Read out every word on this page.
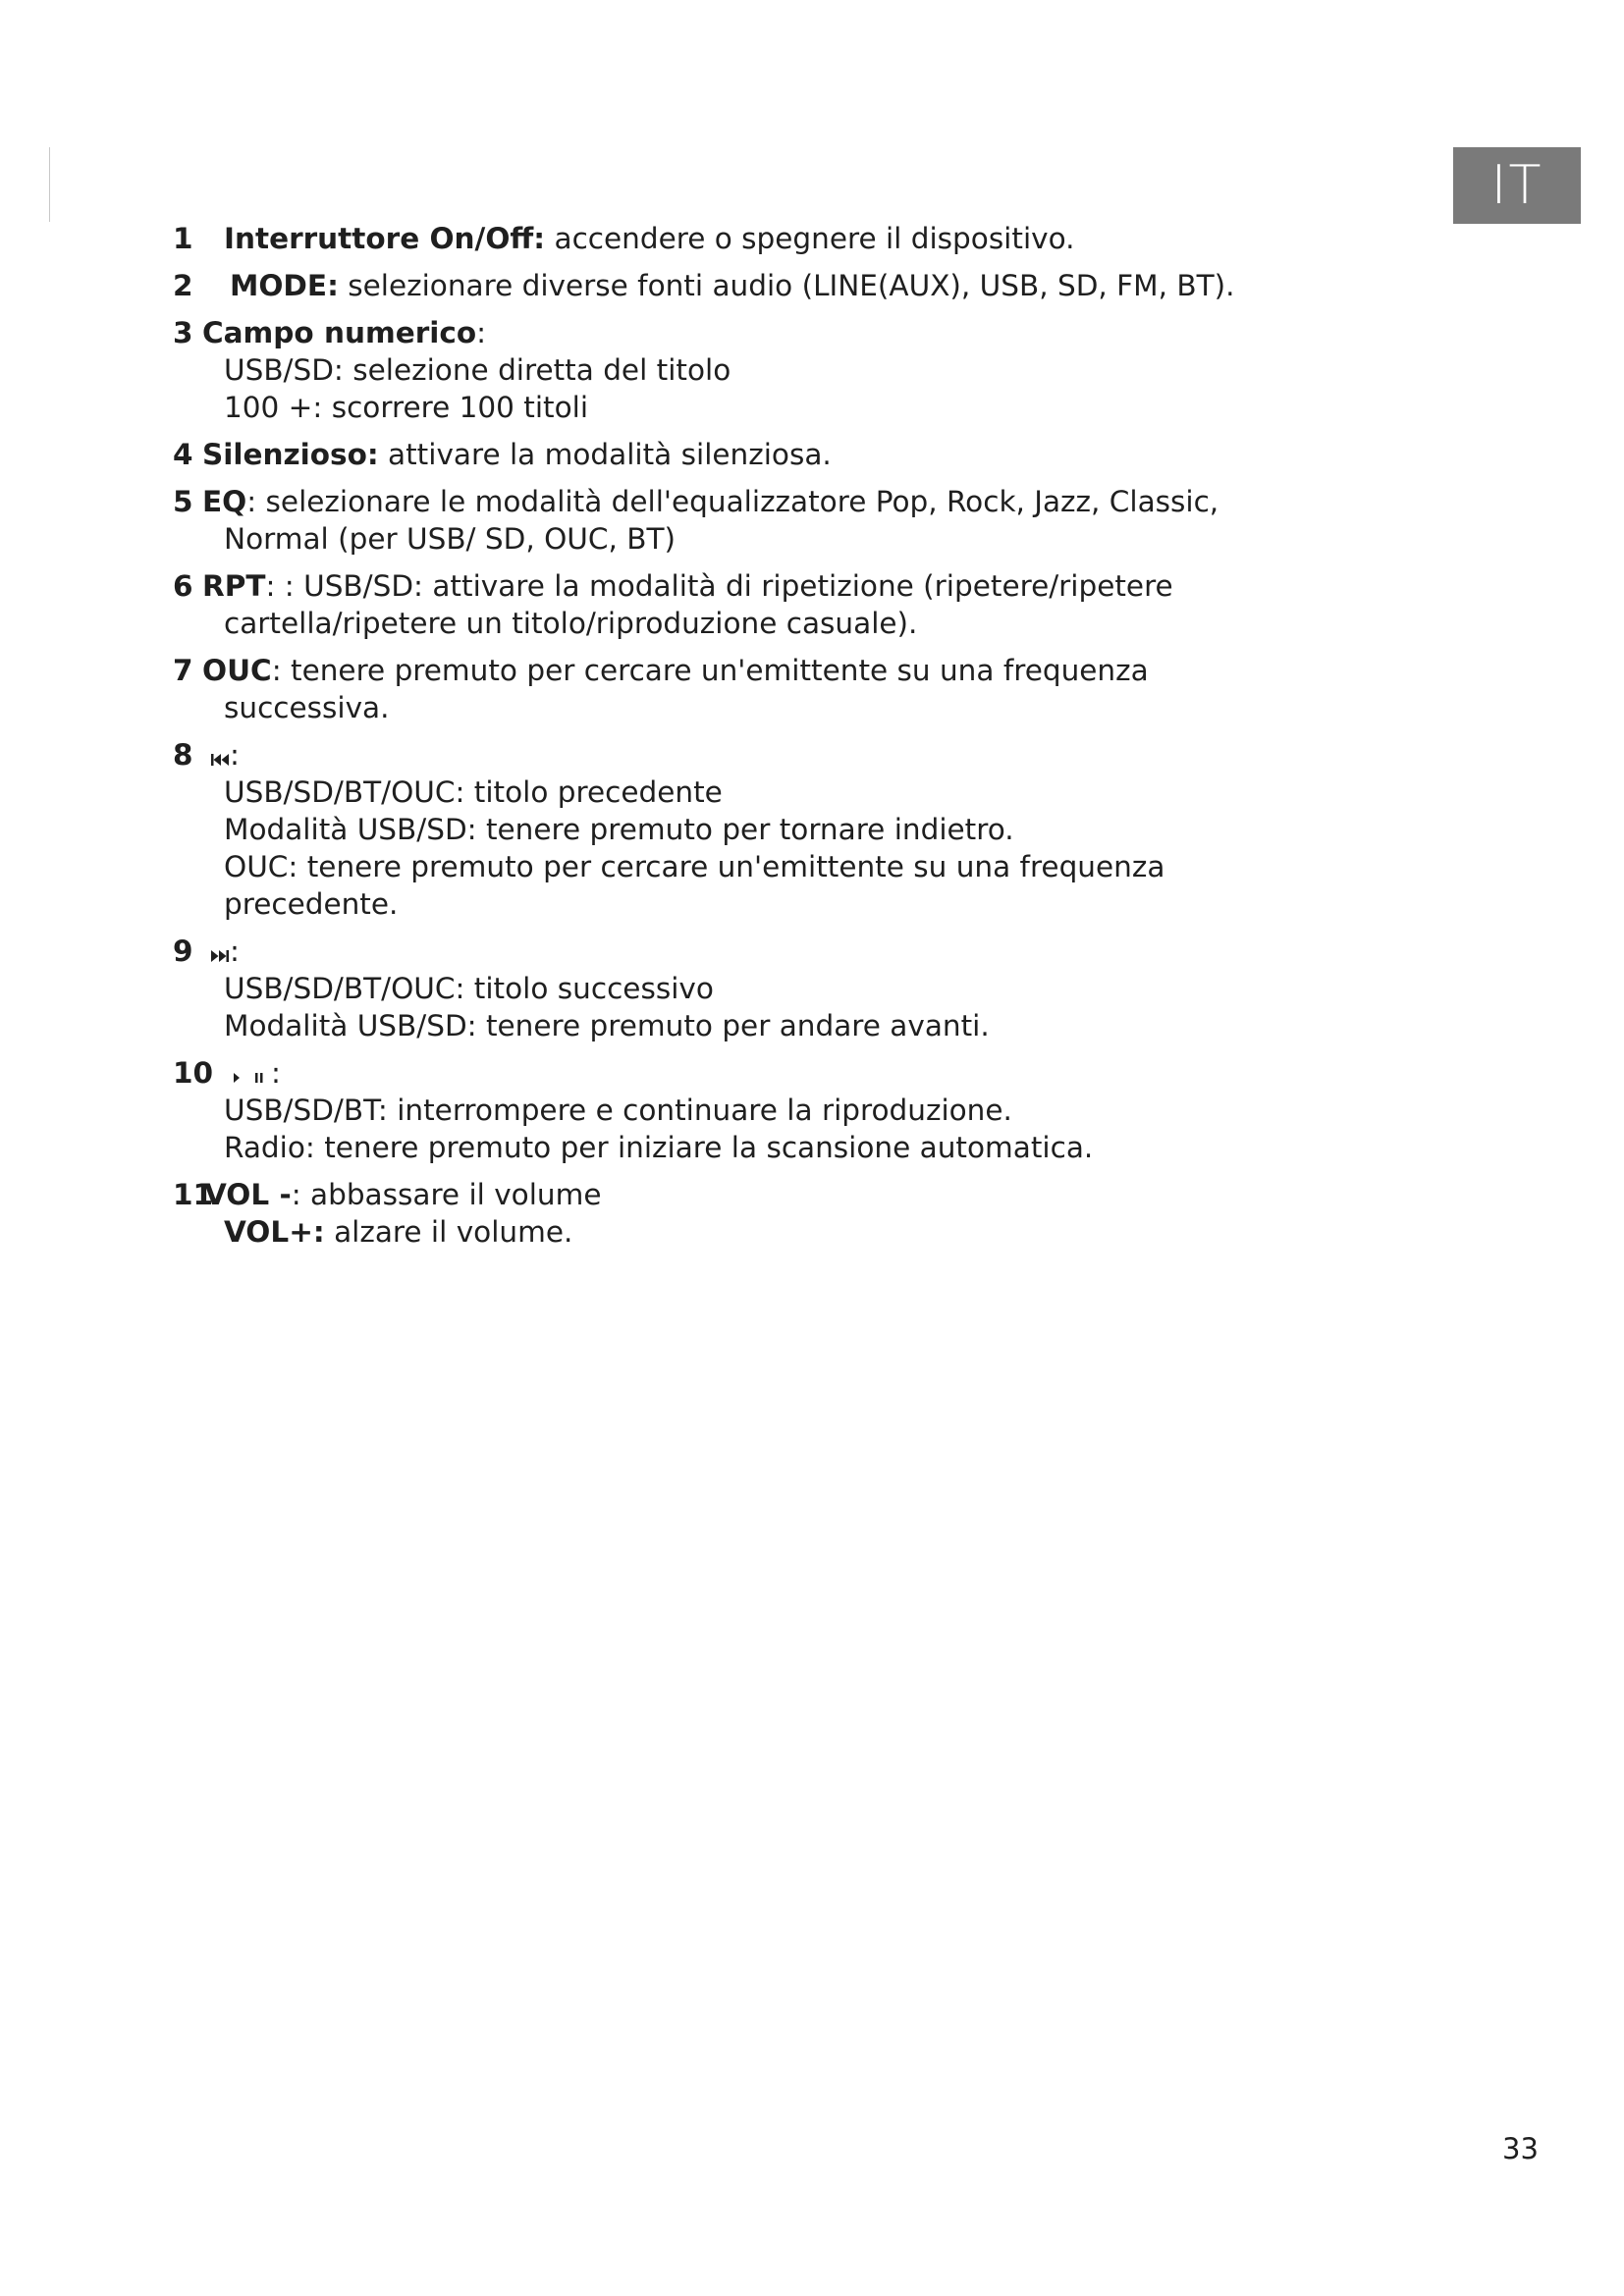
IT
1 Interruttore On/Off: accendere o spegnere il dispositivo.
2	MODE: selezionare diverse fonti audio (LINE(AUX), USB, SD, FM, BT).
3 Campo numerico:
USB/SD: selezione diretta del titolo
100 +: scorrere 100 titoli
4 Silenzioso: attivare la modalità silenziosa.
5 EQ: selezionare le modalità dell'equalizzatore Pop, Rock, Jazz, Classic,
Normal (per USB/ SD, OUC, BT)
6 RPT: : USB/SD: attivare la modalità di ripetizione (ripetere/ripetere
cartella/ripetere un titolo/riproduzione casuale).
7 OUC: tenere premuto per cercare un'emittente su una frequenza
successiva.
8	:
USB/SD/BT/OUC: titolo precedente
Modalità USB/SD: tenere premuto per tornare indietro.
OUC: tenere premuto per cercare un'emittente su una frequenza
precedente.
9	:
USB/SD/BT/OUC: titolo successivo
Modalità USB/SD: tenere premuto per andare avanti.
10	:
USB/SD/BT: interrompere e continuare la riproduzione.
Radio: tenere premuto per iniziare la scansione automatica.
11
VOL -: abbassare il volume
VOL+: alzare il volume.
33
